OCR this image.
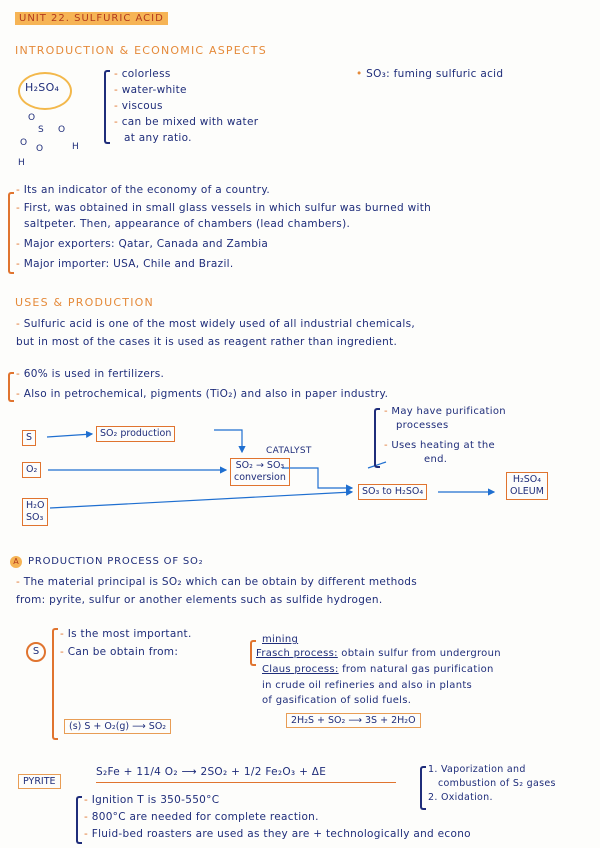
UNIT 22. SULFURIC ACID
INTRODUCTION & ECONOMIC ASPECTS
H₂SO₄
O
S O
O	H
O
H
- colorless
- water-white
- viscous
- can be mixed with water
at any ratio.
• SO₃: fuming sulfuric acid
- Its an indicator of the economy of a country.
- First, was obtained in small glass vessels in which sulfur was burned with
saltpeter. Then, appearance of chambers (lead chambers).
- Major exporters: Qatar, Canada and Zambia
- Major importer: USA, Chile and Brazil.
USES & PRODUCTION
- Sulfuric acid is one of the most widely used of all industrial chemicals,
but in most of the cases it is used as reagent rather than ingredient.
- 60% is used in fertilizers.
- Also in petrochemical, pigments (TiO₂) and also in paper industry.
S	SO₂ production
CATALYST
SO₂ → SO₃
conversion
O₂
H₂O
SO₃
SO₃ to H₂SO₄
H₂SO₄
OLEUM
- May have purification
processes
- Uses heating at the
end.
A PRODUCTION PROCESS OF SO₂
- The material principal is SO₂ which can be obtain by different methods
from: pyrite, sulfur or another elements such as sulfide hydrogen.
S
- Is the most important.
- Can be obtain from:
mining
Frasch process: obtain sulfur from undergroun
Claus process: from natural gas purification
in crude oil refineries and also in plants
of gasification of solid fuels.
2H₂S + SO₂ ⟶ 3S + 2H₂O
(s) S + O₂(g) ⟶ SO₂
PYRITE
S₂Fe + 11/4 O₂ ⟶ 2SO₂ + 1/2 Fe₂O₃ + ΔE	1. Vaporization and
combustion of S₂ gases
2. Oxidation.
- Ignition T is 350-550°C
- 800°C are needed for complete reaction.
- Fluid-bed roasters are used as they are + technologically and econo
